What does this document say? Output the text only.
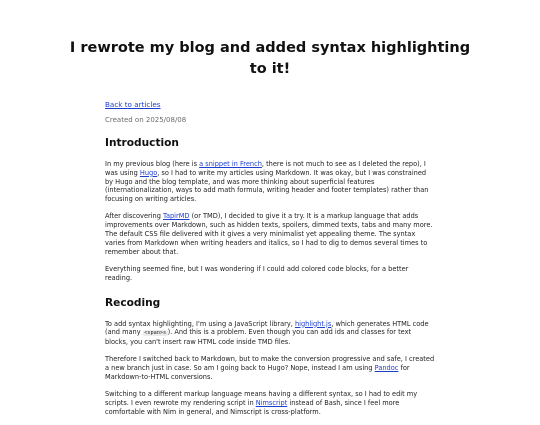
I rewrote my blog and added syntax highlighting to it!
Back to articles
Created on 2025/08/08
Introduction

In my previous blog (here is a snippet in French, there is not much to see as I deleted the repo), I was using Hugo, so I had to write my articles using Markdown. It was okay, but I was constrained by Hugo and the blog template, and was more thinking about superficial features (internationalization, ways to add math formula, writing header and footer templates) rather than focusing on writing articles.

After discovering TapirMD (or TMD), I decided to give it a try. It is a markup language that adds improvements over Markdown, such as hidden texts, spoilers, dimmed texts, tabs and many more. The default CSS file delivered with it gives a very minimalist yet appealing theme. The syntax varies from Markdown when writing headers and italics, so I had to dig to demos several times to remember about that.

Everything seemed fine, but I was wondering if I could add colored code blocks, for a better reading.

Recoding

To add syntax highlighting, I'm using a JavaScript library, highlight.js, which generates HTML code (and many <span>s ). And this is a problem. Even though you can add ids and classes for text blocks, you can't insert raw HTML code inside TMD files.

Therefore I switched back to Markdown, but to make the conversion progressive and safe, I created a new branch just in case. So am I going back to Hugo? Nope, instead I am using Pandoc for Markdown-to-HTML conversions.

Switching to a different markup language means having a different syntax, so I had to edit my scripts. I even rewrote my rendering script in Nimscript instead of Bash, since I feel more comfortable with Nim in general, and Nimscript is cross-platform.
